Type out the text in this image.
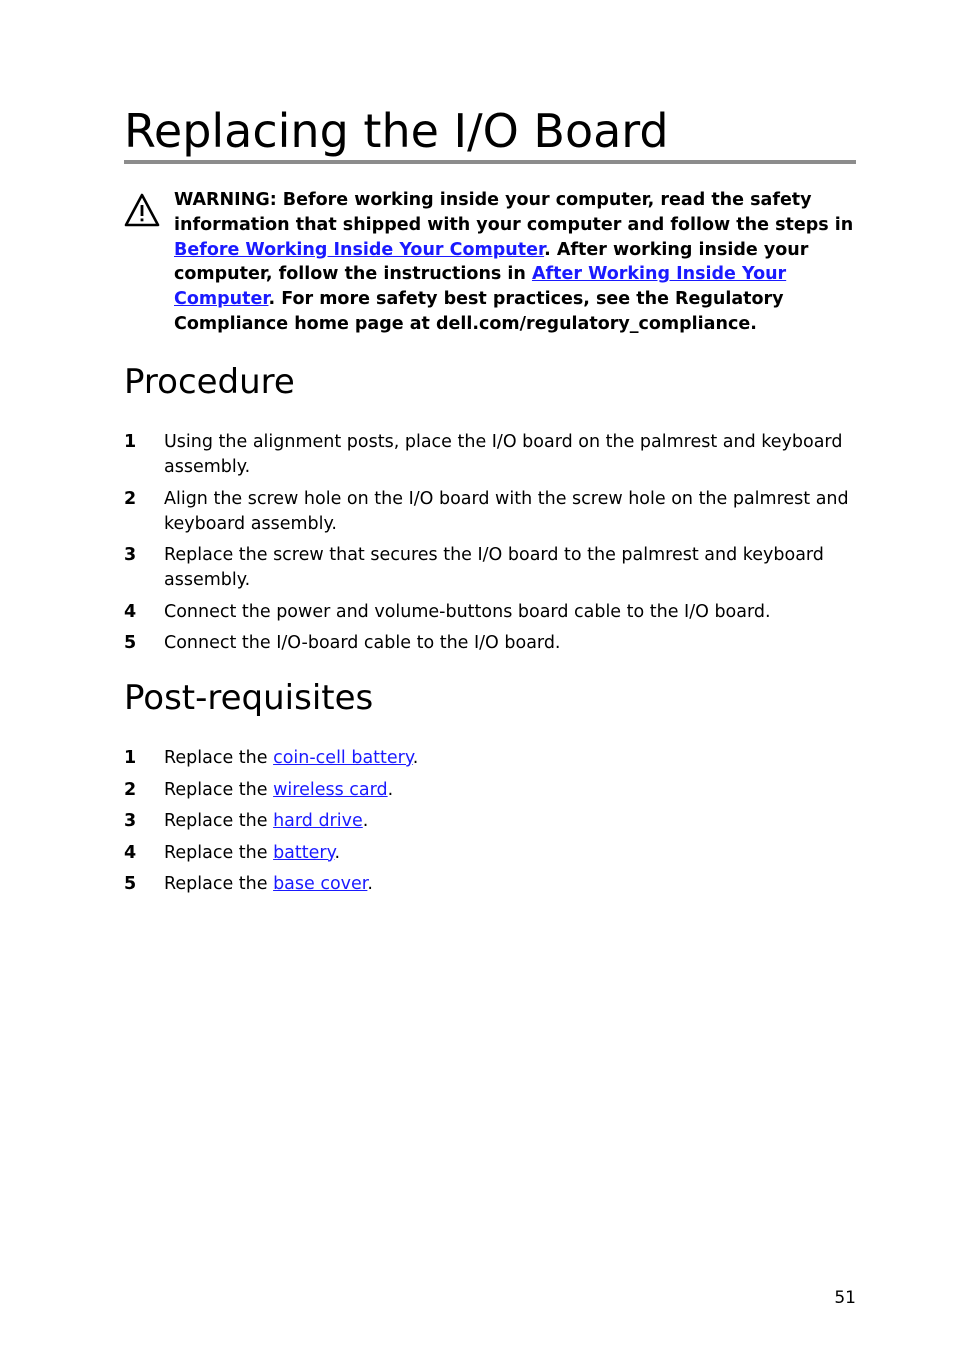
Replacing the I/O Board
WARNING: Before working inside your computer, read the safety information that shipped with your computer and follow the steps in Before Working Inside Your Computer. After working inside your computer, follow the instructions in After Working Inside Your Computer. For more safety best practices, see the Regulatory Compliance home page at dell.com/regulatory_compliance.
Procedure
1 Using the alignment posts, place the I/O board on the palmrest and keyboard assembly.
2 Align the screw hole on the I/O board with the screw hole on the palmrest and keyboard assembly.
3 Replace the screw that secures the I/O board to the palmrest and keyboard assembly.
4 Connect the power and volume-buttons board cable to the I/O board.
5 Connect the I/O-board cable to the I/O board.
Post-requisites
1 Replace the coin-cell battery.
2 Replace the wireless card.
3 Replace the hard drive.
4 Replace the battery.
5 Replace the base cover.
51
